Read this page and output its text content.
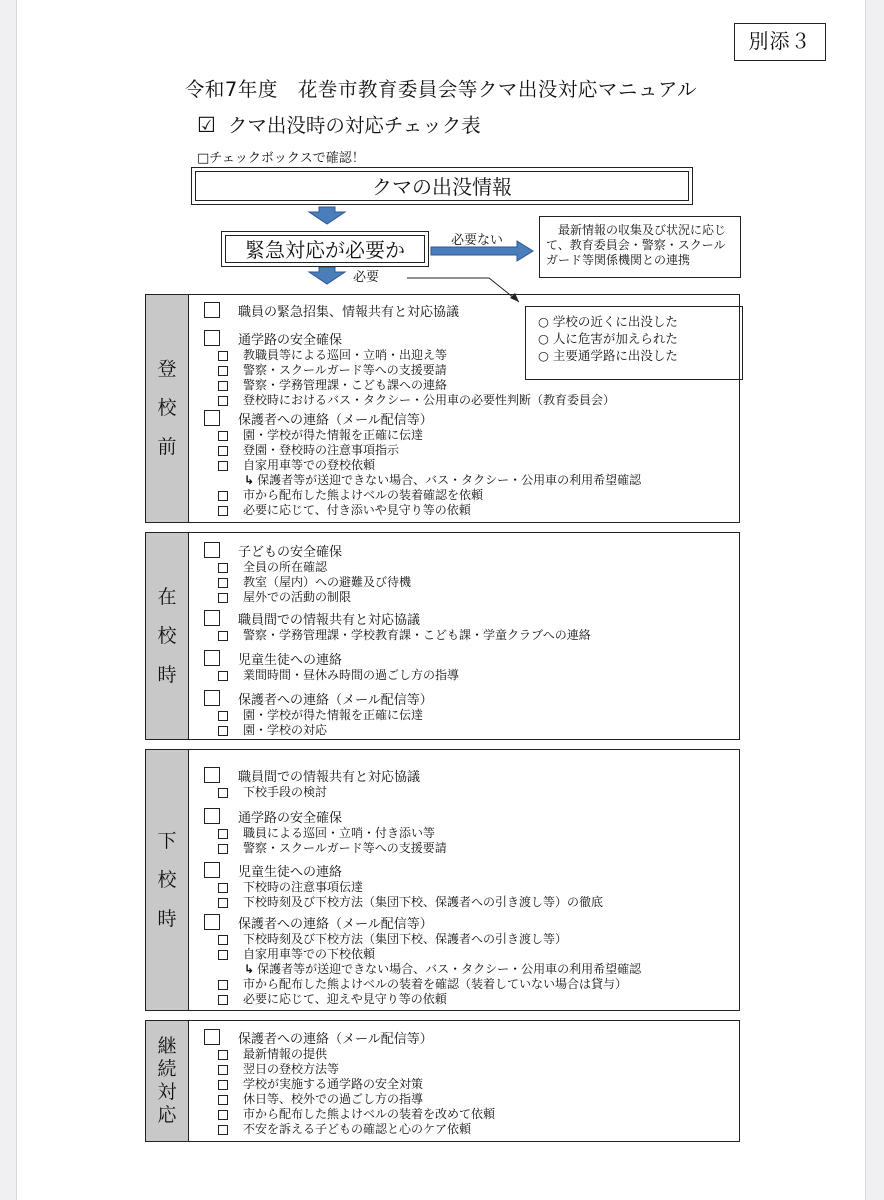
別添３
令和7年度　花巻市教育委員会等クマ出没対応マニュアル
☑ クマ出没時の対応チェック表
□チェックボックスで確認！
クマの出没情報
緊急対応が必要か	必要ない
必要
　最新情報の収集及び状況に応じて、教育委員会・警察・スクールガード等関係機関との連携
登
校
前
職員の緊急招集、情報共有と対応協議
通学路の安全確保
教職員等による巡回・立哨・出迎え等
警察・スクールガード等への支援要請
警察・学務管理課・こども課への連絡
登校時におけるバス・タクシー・公用車の必要性判断（教育委員会）
保護者への連絡（メール配信等）
園・学校が得た情報を正確に伝達
登園・登校時の注意事項指示
自家用車等での登校依頼
↳ 保護者等が送迎できない場合、バス・タクシー・公用車の利用希望確認
市から配布した熊よけベルの装着確認を依頼
必要に応じて、付き添いや見守り等の依頼
在
校
時
子どもの安全確保
全員の所在確認
教室（屋内）への避難及び待機
屋外での活動の制限
職員間での情報共有と対応協議
警察・学務管理課・学校教育課・こども課・学童クラブへの連絡
児童生徒への連絡
業間時間・昼休み時間の過ごし方の指導
保護者への連絡（メール配信等）
園・学校が得た情報を正確に伝達
園・学校の対応
下
校
時
職員間での情報共有と対応協議
下校手段の検討
通学路の安全確保
職員による巡回・立哨・付き添い等
警察・スクールガード等への支援要請
児童生徒への連絡
下校時の注意事項伝達
下校時刻及び下校方法（集団下校、保護者への引き渡し等）の徹底
保護者への連絡（メール配信等）
下校時刻及び下校方法（集団下校、保護者への引き渡し等）
自家用車等での下校依頼
↳ 保護者等が送迎できない場合、バス・タクシー・公用車の利用希望確認
市から配布した熊よけベルの装着を確認（装着していない場合は貸与）
必要に応じて、迎えや見守り等の依頼
継
続
対
応
保護者への連絡（メール配信等）
最新情報の提供
翌日の登校方法等
学校が実施する通学路の安全対策
休日等、校外での過ごし方の指導
市から配布した熊よけベルの装着を改めて依頼
不安を訴える子どもの確認と心のケア依頼
○ 学校の近くに出没した
○ 人に危害が加えられた
○ 主要通学路に出没した
